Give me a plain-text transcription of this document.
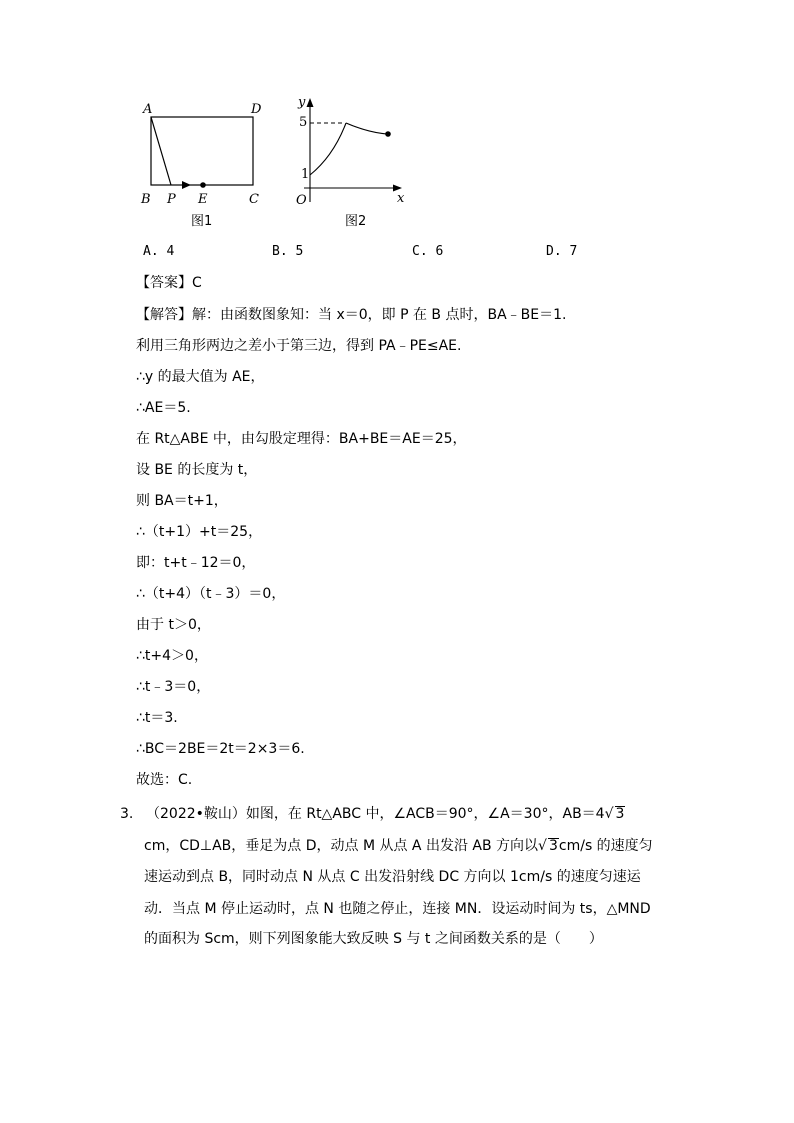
A	D
B P E	C
图1
y
x
O
5
1
图2
A. 4	B. 5	C. 6	D. 7
【答案】C
【解答】解：由函数图象知：当 x＝0，即 P 在 B 点时，BA﹣BE＝1.
利用三角形两边之差小于第三边，得到 PA﹣PE≤AE.
∴y 的最大值为 AE，
∴AE＝5.
在 Rt△ABE 中，由勾股定理得：BA+BE＝AE＝25，
设 BE 的长度为 t，
则 BA＝t+1，
∴（t+1）+t＝25，
即：t+t﹣12＝0，
∴（t+4）（t﹣3）＝0，
由于 t＞0，
∴t+4＞0，
∴t﹣3＝0，
∴t＝3.
∴BC＝2BE＝2t＝2×3＝6.
故选：C.
3. （2022•鞍山）如图，在 Rt△ABC 中，∠ACB＝90°，∠A＝30°，AB＝4√ 3
cm，CD⊥AB，垂足为点 D，动点 M 从点 A 出发沿 AB 方向以√ 3cm/s 的速度匀
速运动到点 B，同时动点 N 从点 C 出发沿射线 DC 方向以 1cm/s 的速度匀速运
动．当点 M 停止运动时，点 N 也随之停止，连接 MN．设运动时间为 ts，△MND
的面积为 Scm，则下列图象能大致反映 S 与 t 之间函数关系的是（　　）
